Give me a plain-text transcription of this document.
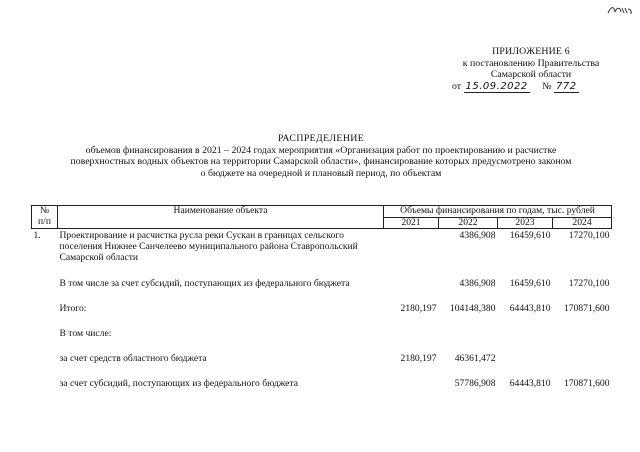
ПРИЛОЖЕНИЕ 6
к постановлению Правительства
Самарской области
от 15.09.2022 № 772
РАСПРЕДЕЛЕНИЕ
объемов финансирования в 2021 – 2024 годах мероприятия «Организация работ по проектированию и расчистке
поверхностных водных объектов на территории Самарской области», финансирование которых предусмотрено законом
о бюджете на очередной и плановый период, по объектам
№
п/п	Наименование объекта	Объемы финансирования по годам, тыс. рублей			
		2021	2022	2023	2024
1.	Проектирование и расчистка русла реки Сускан в границах сельского поселения Нижнее Санчелеево муниципального района Ставропольский Самарской области		4386,908	16459,610	17270,100

	В том числе за счет субсидий, поступающих из федерального бюджета		4386,908	16459,610	17270,100

	Итого:	2180,197	104148,380	64443,810	170871,600

	В том числе:				

	за счет средств областного бюджета	2180,197	46361,472		

	за счет субсидий, поступающих из федерального бюджета		57786,908	64443,810	170871,600
